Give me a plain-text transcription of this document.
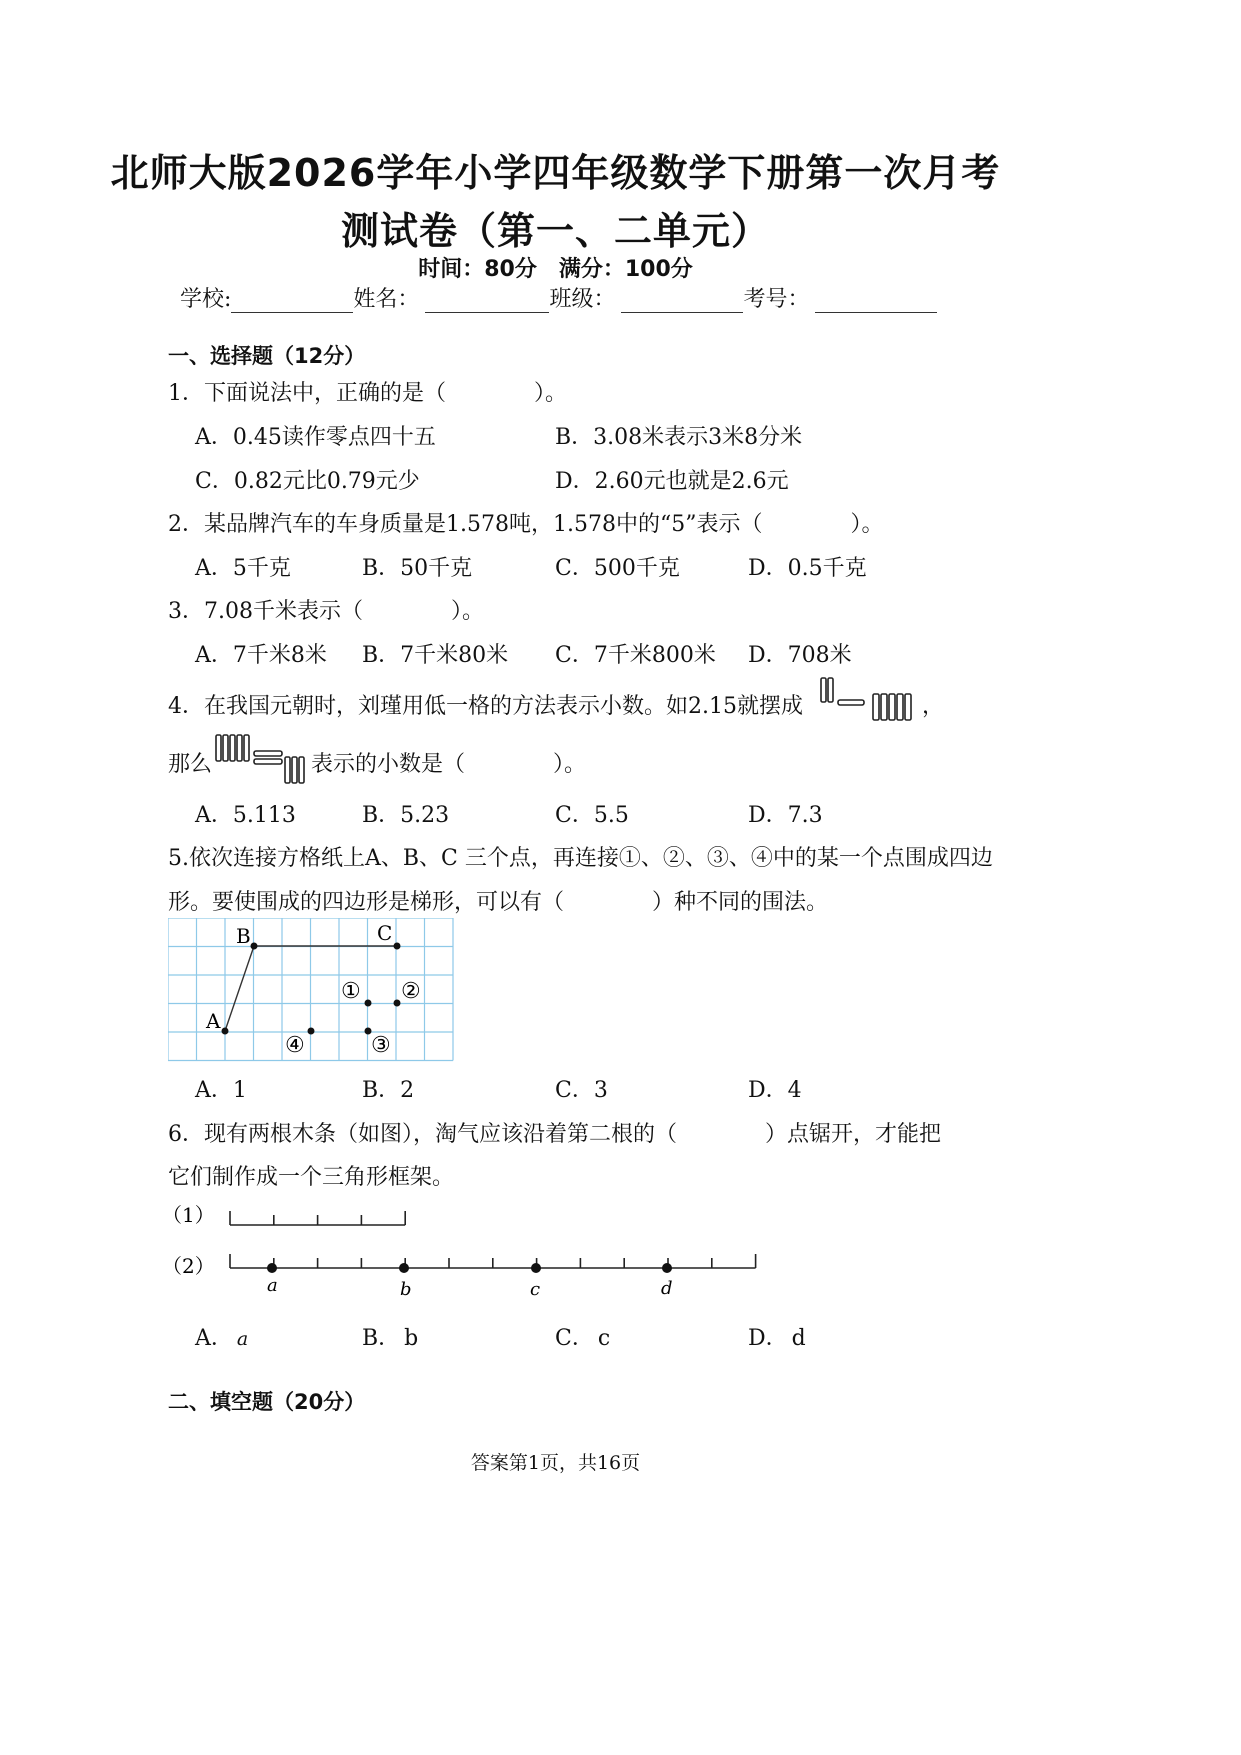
北师大版2026学年小学四年级数学下册第一次月考
测试卷（第一、二单元）
时间：80分　满分：100分
学校:	姓名：	班级：	考号：
一、选择题（12分）
1．下面说法中，正确的是（　　　　）。
A．0.45读作零点四十五	B．3.08米表示3米8分米
C．0.82元比0.79元少	D．2.60元也就是2.6元
2．某品牌汽车的车身质量是1.578吨，1.578中的“5”表示（　　　　）。
A．5千克	B．50千克	C．500千克	D．0.5千克
3．7.08千米表示（　　　　）。
A．7千米8米 B．7千米80米 C．7千米800米 D．708米
4．在我国元朝时，刘瑾用低一格的方法表示小数。如2.15就摆成	，
那么	表示的小数是（　　　　）。
A．5.113	B．5.23	C．5.5	D．7.3
5.依次连接方格纸上A、B、C 三个点，再连接①、②、③、④中的某一个点围成四边
形。要使围成的四边形是梯形，可以有（　　　　）种不同的围法。
A
B	C
① ②
③
④
A．1	B．2	C．3	D．4
6．现有两根木条（如图），淘气应该沿着第二根的（　　　　）点锯开，才能把
它们制作成一个三角形框架。
（1）
（2）
a	b	c	d
A． a	B． b	C． c	D． d
二、填空题（20分）
答案第1页，共16页
